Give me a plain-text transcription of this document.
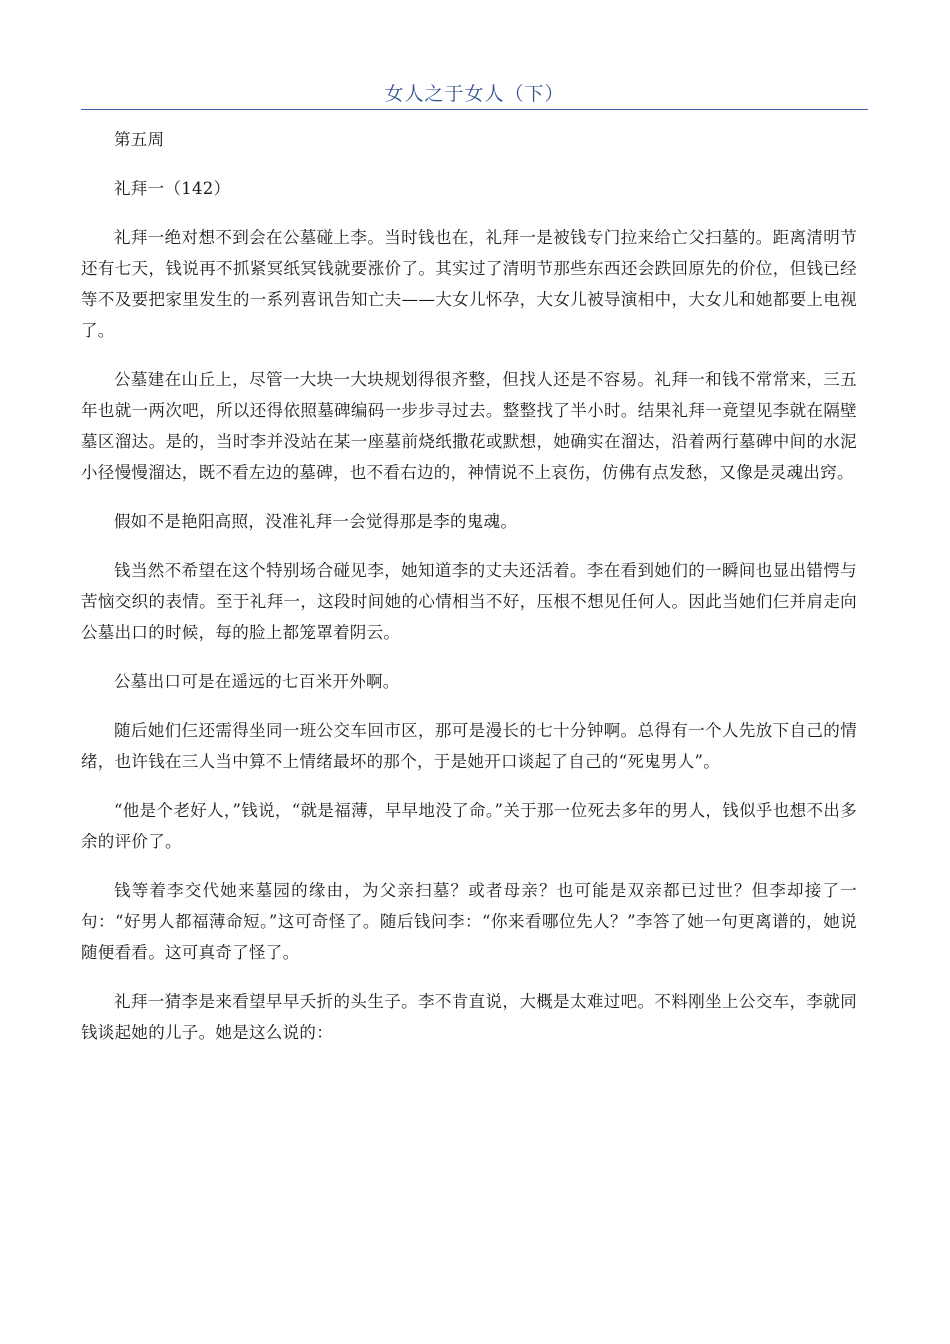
女人之于女人（下）

第五周

礼拜一（142）

礼拜一绝对想不到会在公墓碰上李。当时钱也在，礼拜一是被钱专门拉来给亡父扫墓的。距离清明节还有七天，钱说再不抓紧冥纸冥钱就要涨价了。其实过了清明节那些东西还会跌回原先的价位，但钱已经等不及要把家里发生的一系列喜讯告知亡夫——大女儿怀孕，大女儿被导演相中，大女儿和她都要上电视了。

公墓建在山丘上，尽管一大块一大块规划得很齐整，但找人还是不容易。礼拜一和钱不常常来，三五年也就一两次吧，所以还得依照墓碑编码一步步寻过去。整整找了半小时。结果礼拜一竟望见李就在隔壁墓区溜达。是的，当时李并没站在某一座墓前烧纸撒花或默想，她确实在溜达，沿着两行墓碑中间的水泥小径慢慢溜达，既不看左边的墓碑，也不看右边的，神情说不上哀伤，仿佛有点发愁，又像是灵魂出窍。

假如不是艳阳高照，没准礼拜一会觉得那是李的鬼魂。

钱当然不希望在这个特别场合碰见李，她知道李的丈夫还活着。李在看到她们的一瞬间也显出错愕与苦恼交织的表情。至于礼拜一，这段时间她的心情相当不好，压根不想见任何人。因此当她们仨并肩走向公墓出口的时候，每的脸上都笼罩着阴云。

公墓出口可是在遥远的七百米开外啊。

随后她们仨还需得坐同一班公交车回市区，那可是漫长的七十分钟啊。总得有一个人先放下自己的情绪，也许钱在三人当中算不上情绪最坏的那个，于是她开口谈起了自己的“死鬼男人”。

“他是个老好人，”钱说，“就是福薄，早早地没了命。”关于那一位死去多年的男人，钱似乎也想不出多余的评价了。

钱等着李交代她来墓园的缘由，为父亲扫墓？或者母亲？也可能是双亲都已过世？但李却接了一句：“好男人都福薄命短。”这可奇怪了。随后钱问李：“你来看哪位先人？”李答了她一句更离谱的，她说随便看看。这可真奇了怪了。

礼拜一猜李是来看望早早夭折的头生子。李不肯直说，大概是太难过吧。不料刚坐上公交车，李就同钱谈起她的儿子。她是这么说的：
